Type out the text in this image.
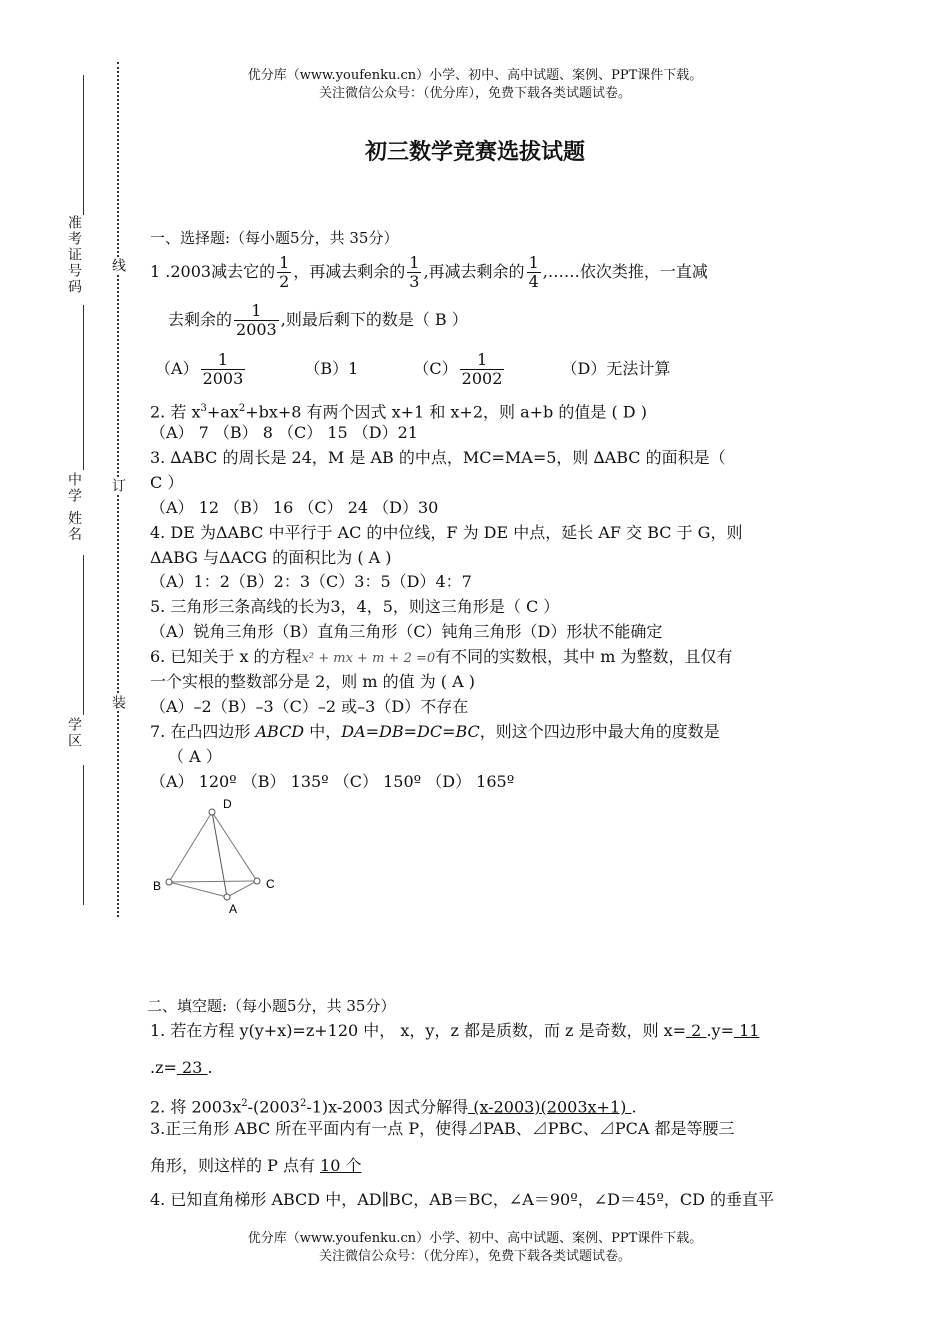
优分库（www.youfenku.cn）小学、初中、高中试题、案例、PPT课件下载。
关注微信公众号：（优分库），免费下载各类试题试卷。
准考证号码
中学 姓名
学区
线
订
装
初三数学竞赛选拔试题
一、选择题:（每小题5分，共 35分）
1 .2003减去它的 $\frac{1}{2}$ ，再减去剩余的 $\frac{1}{3}$ ,再减去剩余的 $\frac{1}{4}$ ,……依次类推，一直减
去剩余的 $\frac{1}{2003}$ ,则最后剩下的数是（ B ）
$(A) \frac{1}{2003}$	（B）1	$(C) \frac{1}{2002}$	（D）无法计算
2. 若 $x^3+ax^2+bx+8$ 有两个因式 x+1 和 x+2，则 a+b 的值是 ( D )
（A） 7 （B） 8 （C） 15 （D）21
3. ∆ABC 的周长是 24，M 是 AB 的中点，MC=MA=5，则 ∆ABC 的面积是（
C ）
（A） 12 （B） 16 （C） 24 （D）30
4. DE 为ΔABC 中平行于 AC 的中位线，F 为 DE 中点，延长 AF 交 BC 于 G，则
ΔABG 与ΔACG 的面积比为 ( A )
（A）1：2（B）2：3（C）3：5（D）4：7
5. 三角形三条高线的长为3，4，5，则这三角形是（ C ）
（A）锐角三角形（B）直角三角形（C）钝角三角形（D）形状不能确定
6. 已知关于 x 的方程x² + mx + m + 2 =0有不同的实数根，其中 m 为整数，且仅有
一个实根的整数部分是 2，则 m 的值 为 ( A )
（A）–2（B）–3（C）–2 或–3（D）不存在
7. 在凸四边形 ABCD 中，DA=DB=DC=BC，则这个四边形中最大角的度数是
（ A ）
（A） 120º （B） 135º （C） 150º （D） 165º
D
B	C
A
二、填空题:（每小题5分，共 35分）
1. 若在方程 y(y+x)=z+120 中， x，y，z 都是质数，而 z 是奇数，则 x= 2 .y= 11
.z= 23 .
2. 将 $2003x^2-(2003^2-1)x-2003$ 因式分解得 (x-2003)(2003x+1) .
3.正三角形 ABC 所在平面内有一点 P，使得⊿PAB、⊿PBC、⊿PCA 都是等腰三
角形，则这样的 P 点有 10 个
4. 已知直角梯形 ABCD 中，AD∥BC，AB＝BC，∠A＝90º，∠D＝45º，CD 的垂直平
优分库（www.youfenku.cn）小学、初中、高中试题、案例、PPT课件下载。
关注微信公众号：（优分库），免费下载各类试题试卷。
